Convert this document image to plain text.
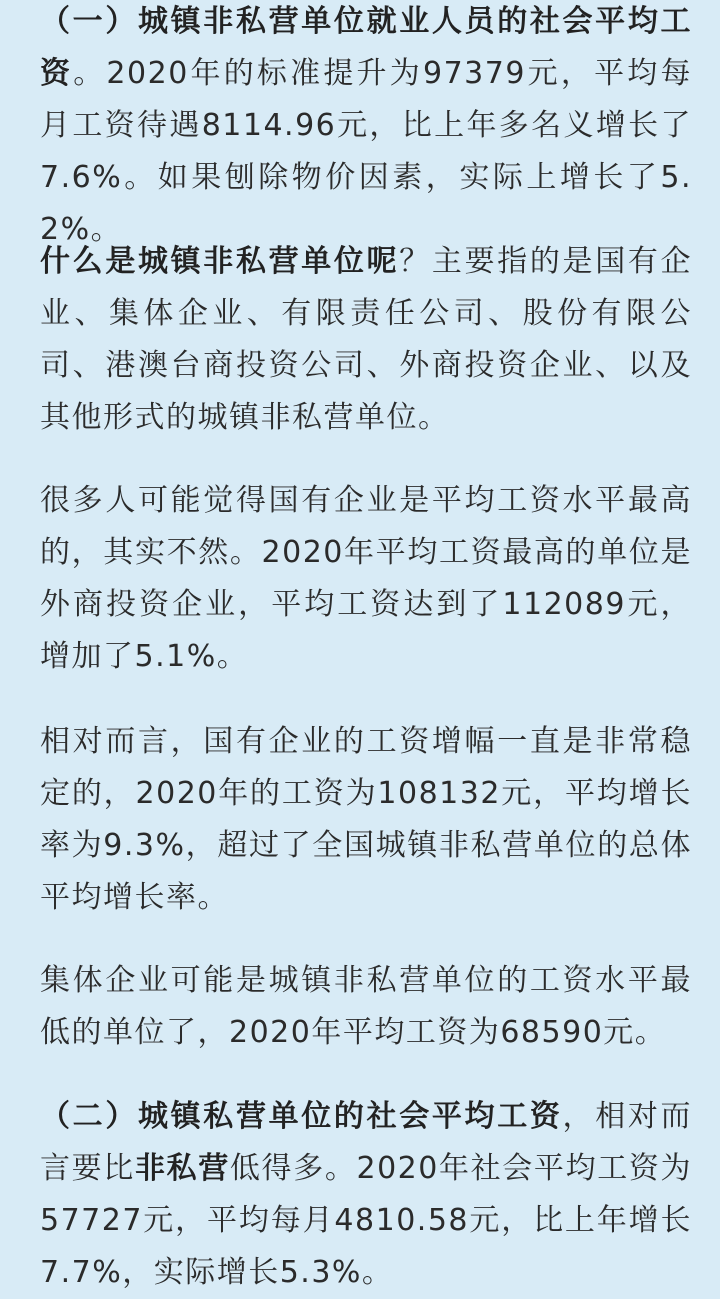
（一）城镇非私营单位就业人员的社会平均工资。2020年的标准提升为97379元，平均每月工资待遇8114.96元，比上年多名义增长了7.6%。如果刨除物价因素，实际上增长了5.2%。

什么是城镇非私营单位呢？主要指的是国有企业、集体企业、有限责任公司、股份有限公司、港澳台商投资公司、外商投资企业、以及其他形式的城镇非私营单位。

很多人可能觉得国有企业是平均工资水平最高的，其实不然。2020年平均工资最高的单位是外商投资企业，平均工资达到了112089元，增加了5.1%。

相对而言，国有企业的工资增幅一直是非常稳定的，2020年的工资为108132元，平均增长率为9.3%，超过了全国城镇非私营单位的总体平均增长率。

集体企业可能是城镇非私营单位的工资水平最低的单位了，2020年平均工资为68590元。

（二）城镇私营单位的社会平均工资，相对而言要比非私营低得多。2020年社会平均工资为57727元，平均每月4810.58元，比上年增长7.7%，实际增长5.3%。
